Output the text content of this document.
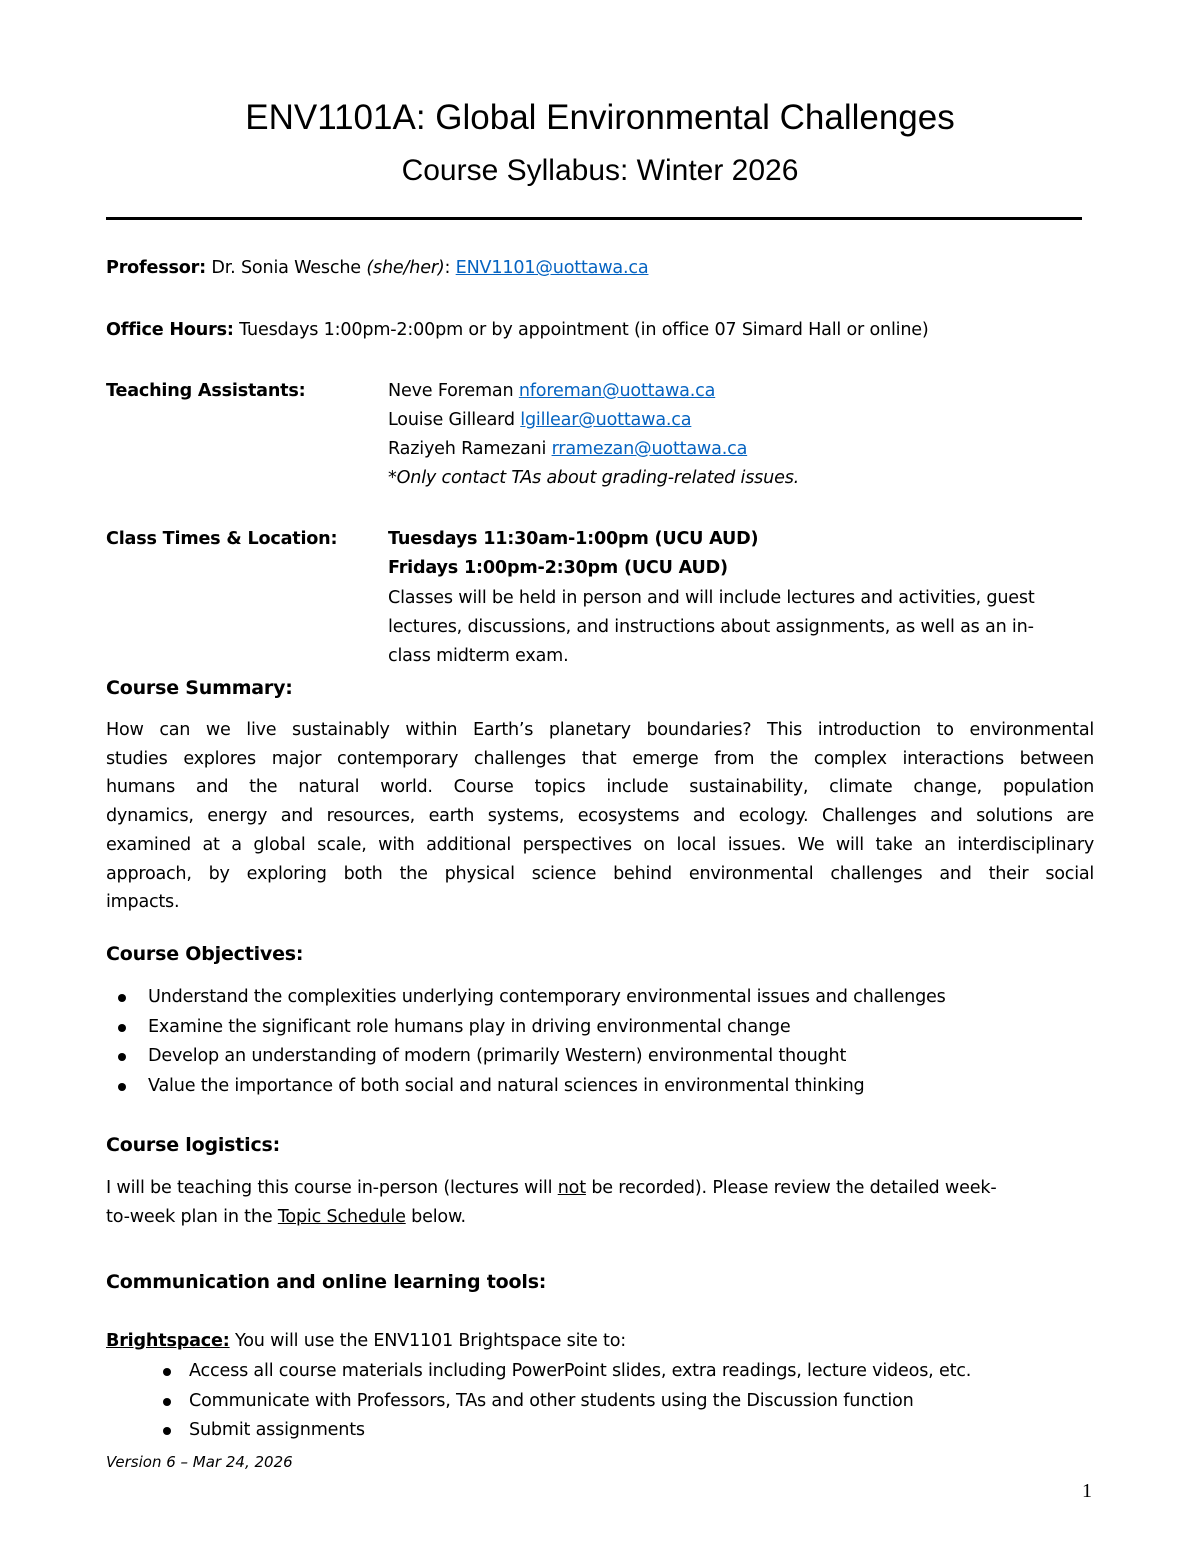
ENV1101A: Global Environmental Challenges
Course Syllabus: Winter 2026
Professor: Dr. Sonia Wesche (she/her): ENV1101@uottawa.ca
Office Hours: Tuesdays 1:00pm-2:00pm or by appointment (in office 07 Simard Hall or online)
Teaching Assistants:	Neve Foreman nforeman@uottawa.ca
Louise Gilleard lgillear@uottawa.ca
Raziyeh Ramezani rramezan@uottawa.ca
*Only contact TAs about grading-related issues.
Class Times & Location:	Tuesdays 11:30am-1:00pm (UCU AUD)
Fridays 1:00pm-2:30pm (UCU AUD)
Classes will be held in person and will include lectures and activities, guest
lectures, discussions, and instructions about assignments, as well as an in-
class midterm exam.
Course Summary:
How can we live sustainably within Earth’s planetary boundaries? This introduction to environmental
studies explores major contemporary challenges that emerge from the complex interactions between
humans and the natural world. Course topics include sustainability, climate change, population
dynamics, energy and resources, earth systems, ecosystems and ecology. Challenges and solutions are
examined at a global scale, with additional perspectives on local issues. We will take an interdisciplinary
approach, by exploring both the physical science behind environmental challenges and their social
impacts.
Course Objectives:
Understand the complexities underlying contemporary environmental issues and challenges
Examine the significant role humans play in driving environmental change
Develop an understanding of modern (primarily Western) environmental thought
Value the importance of both social and natural sciences in environmental thinking
Course logistics:
I will be teaching this course in-person (lectures will not be recorded). Please review the detailed week-
to-week plan in the Topic Schedule below.
Communication and online learning tools:
Brightspace: You will use the ENV1101 Brightspace site to:
Access all course materials including PowerPoint slides, extra readings, lecture videos, etc.
Communicate with Professors, TAs and other students using the Discussion function
Submit assignments
Version 6 – Mar 24, 2026
1
